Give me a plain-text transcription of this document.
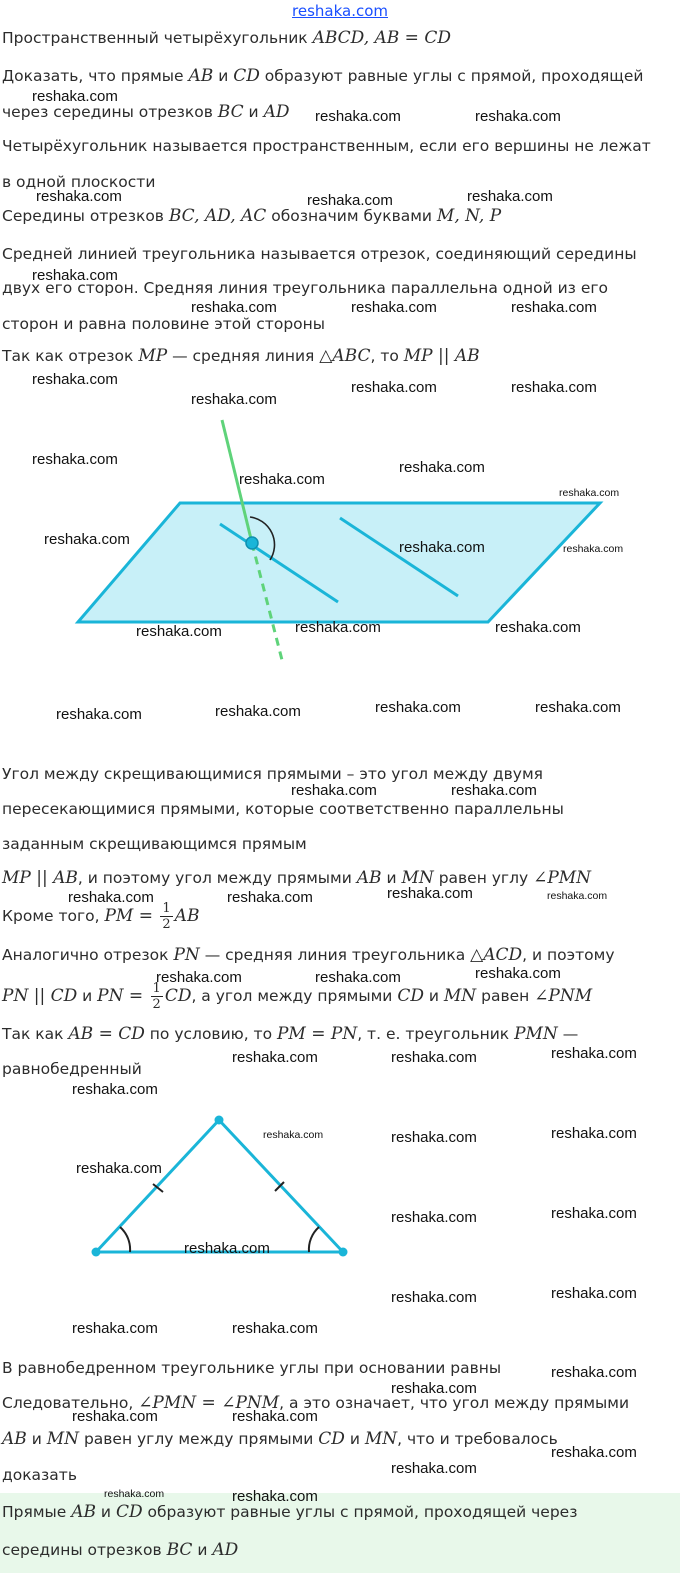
reshaka.com

Пространственный четырёхугольник ABCD, AB = CD

Доказать, что прямые AB и CD образуют равные углы с прямой, проходящей

через середины отрезков BC и AD

Четырёхугольник называется пространственным, если его вершины не лежат

в одной плоскости

Середины отрезков BC, AD, AC обозначим буквами M, N, P

Средней линией треугольника называется отрезок, соединяющий середины

двух его сторон. Средняя линия треугольника параллельна одной из его

сторон и равна половине этой стороны

Так как отрезок MP — средняя линия △ABC, то MP || AB

Угол между скрещивающимися прямыми – это угол между двумя

пересекающимися прямыми, которые соответственно параллельны

заданным скрещивающимся прямым

MP || AB, и поэтому угол между прямыми AB и MN равен углу ∠PMN

Кроме того, PM = $\frac{1}{2}$ AB

Аналогично отрезок PN — средняя линия треугольника △ACD, и поэтому

PN || CD и PN = $\frac{1}{2}$ CD, а угол между прямыми CD и MN равен ∠PNM

Так как AB = CD по условию, то PM = PN, т. е. треугольник PMN —

равнобедренный

В равнобедренном треугольнике углы при основании равны

Следовательно, ∠PMN = ∠PNM, а это означает, что угол между прямыми

AB и MN равен углу между прямыми CD и MN, что и требовалось

доказать

Прямые AB и CD образуют равные углы с прямой, проходящей через

середины отрезков BC и AD

reshaka.com
reshaka.com	reshaka.com
reshaka.com	reshaka.com	reshaka.com
reshaka.com
reshaka.com	reshaka.com	reshaka.com
reshaka.com	reshaka.com	reshaka.com
reshaka.com
reshaka.com	reshaka.com
reshaka.com
reshaka.com
reshaka.com	reshaka.com	reshaka.com
reshaka.com	reshaka.com	reshaka.com
reshaka.com	reshaka.com	reshaka.com	reshaka.com
reshaka.com	reshaka.com
reshaka.com	reshaka.com	reshaka.com	reshaka.com
reshaka.com	reshaka.com	reshaka.com
reshaka.com	reshaka.com	reshaka.com
reshaka.com
reshaka.com	reshaka.com	reshaka.com
reshaka.com
reshaka.com	reshaka.com
reshaka.com
reshaka.com	reshaka.com
reshaka.com	reshaka.com
reshaka.com
reshaka.com
reshaka.com	reshaka.com
reshaka.com
reshaka.com
reshaka.com	reshaka.com
